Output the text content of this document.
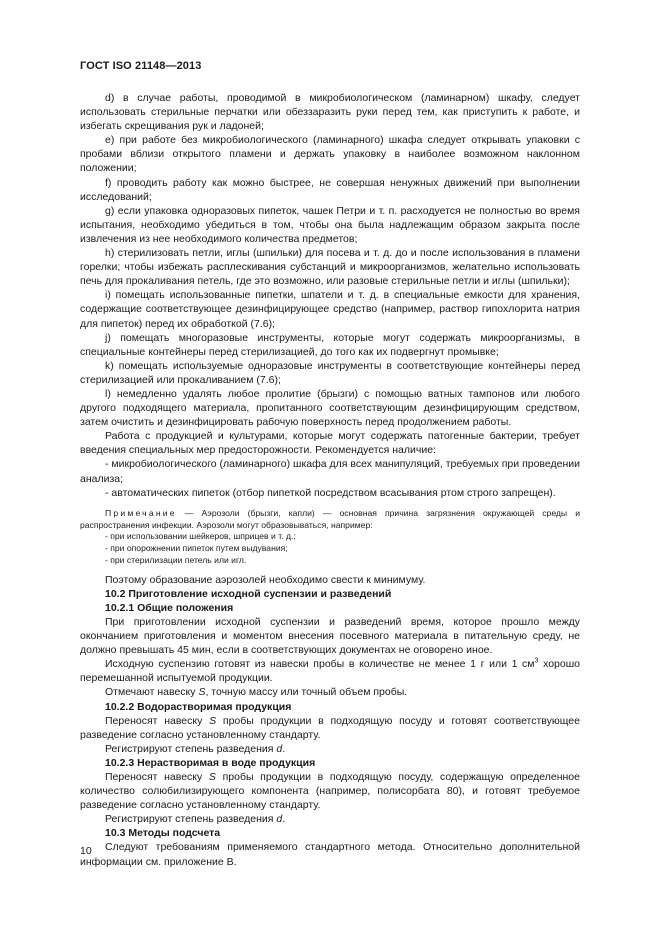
ГОСТ ISO 21148—2013

d) в случае работы, проводимой в микробиологическом (ламинарном) шкафу, следует использовать стерильные перчатки или обеззаразить руки перед тем, как приступить к работе, и избегать скрещивания рук и ладоней;

e) при работе без микробиологического (ламинарного) шкафа следует открывать упаковки с пробами вблизи открытого пламени и держать упаковку в наиболее возможном наклонном положении;

f) проводить работу как можно быстрее, не совершая ненужных движений при выполнении исследований;

g) если упаковка одноразовых пипеток, чашек Петри и т. п. расходуется не полностью во время испытания, необходимо убедиться в том, чтобы она была надлежащим образом закрыта после извлечения из нее необходимого количества предметов;

h) стерилизовать петли, иглы (шпильки) для посева и т. д. до и после использования в пламени горелки; чтобы избежать расплескивания субстанций и микроорганизмов, желательно использовать печь для прокаливания петель, где это возможно, или разовые стерильные петли и иглы (шпильки);

i) помещать использованные пипетки, шпатели и т. д. в специальные емкости для хранения, содержащие соответствующее дезинфицирующее средство (например, раствор гипохлорита натрия для пипеток) перед их обработкой (7.6);

j) помещать многоразовые инструменты, которые могут содержать микроорганизмы, в специальные контейнеры перед стерилизацией, до того как их подвергнут промывке;

k) помещать используемые одноразовые инструменты в соответствующие контейнеры перед стерилизацией или прокаливанием (7.6);

l) немедленно удалять любое пролитие (брызги) с помощью ватных тампонов или любого другого подходящего материала, пропитанного соответствующим дезинфицирующим средством, затем очистить и дезинфицировать рабочую поверхность перед продолжением работы.

Работа с продукцией и культурами, которые могут содержать патогенные бактерии, требует введения специальных мер предосторожности. Рекомендуется наличие:

- микробиологического (ламинарного) шкафа для всех манипуляций, требуемых при проведении анализа;

- автоматических пипеток (отбор пипеткой посредством всасывания ртом строго запрещен).

Примечание — Аэрозоли (брызги, капли) — основная причина загрязнения окружающей среды и распространения инфекции. Аэрозоли могут образовываться, например:

- при использовании шейкеров, шприцев и т. д.;

- при опорожнении пипеток путем выдувания;

- при стерилизации петель или игл.

Поэтому образование аэрозолей необходимо свести к минимуму.

10.2 Приготовление исходной суспензии и разведений

10.2.1 Общие положения

При приготовлении исходной суспензии и разведений время, которое прошло между окончанием приготовления и моментом внесения посевного материала в питательную среду, не должно превышать 45 мин, если в соответствующих документах не оговорено иное.

Исходную суспензию готовят из навески пробы в количестве не менее 1 г или 1 $см^3$ хорошо перемешанной испытуемой продукции.

Отмечают навеску S, точную массу или точный объем пробы.

10.2.2 Водорастворимая продукция

Переносят навеску S пробы продукции в подходящую посуду и готовят соответствующее разведение согласно установленному стандарту.

Регистрируют степень разведения d.

10.2.3 Нерастворимая в воде продукция

Переносят навеску S пробы продукции в подходящую посуду, содержащую определенное количество солюбилизирующего компонента (например, полисорбата 80), и готовят требуемое разведение согласно установленному стандарту.

Регистрируют степень разведения d.

10.3 Методы подсчета

Следуют требованиям применяемого стандартного метода. Относительно дополнительной информации см. приложение В.

10
